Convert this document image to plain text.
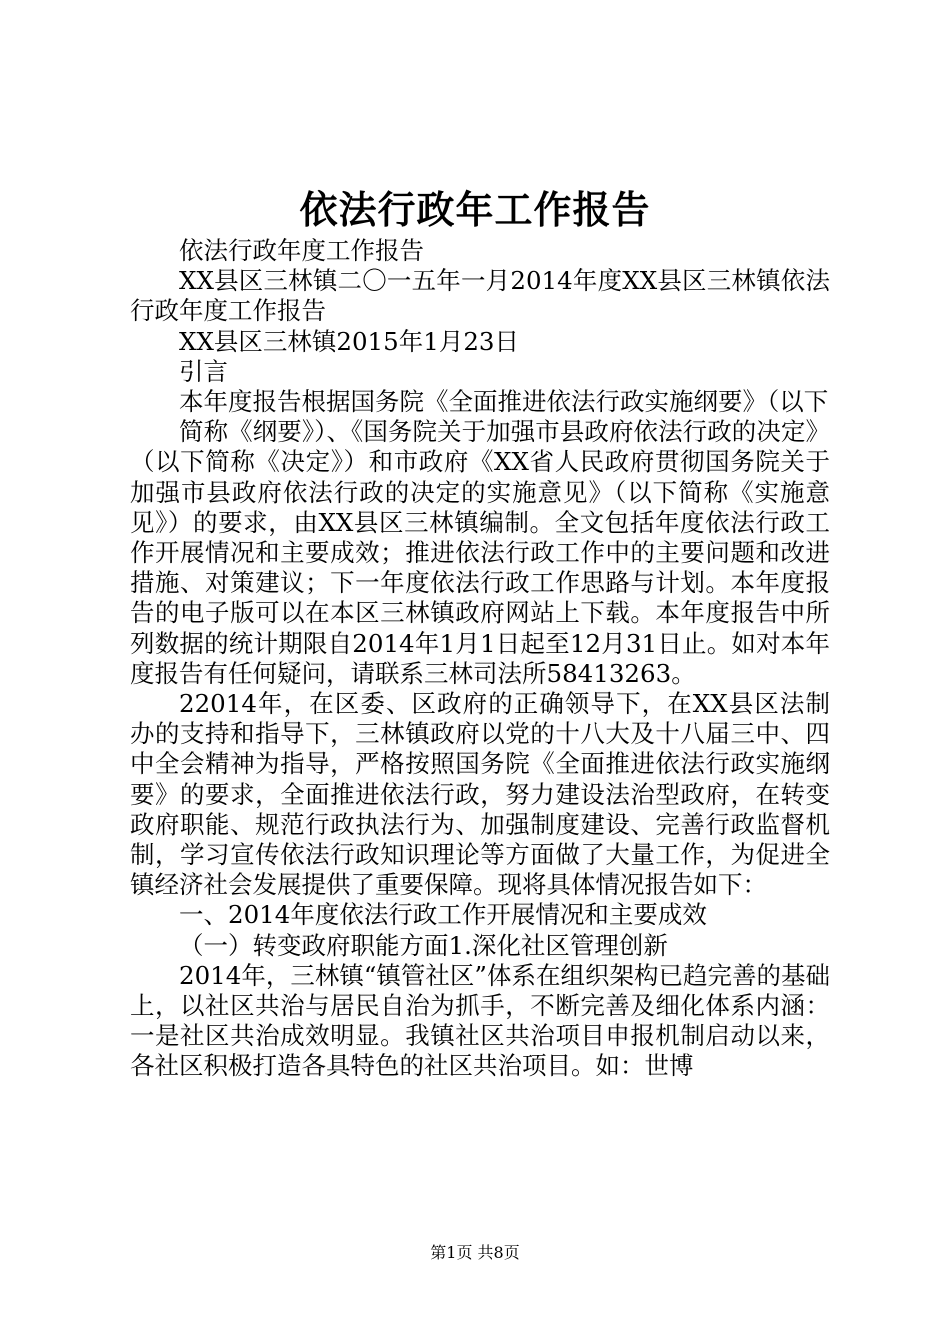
依法行政年工作报告

依法行政年度工作报告

XX县区三林镇二〇一五年一月2014年度XX县区三林镇依法行政年度工作报告

XX县区三林镇2015年1月23日

引言

本年度报告根据国务院《全面推进依法行政实施纲要》（以下

简称《纲要》）、《国务院关于加强市县政府依法行政的决定》（以下简称《决定》）和市政府《XX省人民政府贯彻国务院关于加强市县政府依法行政的决定的实施意见》（以下简称《实施意见》）的要求，由XX县区三林镇编制。全文包括年度依法行政工作开展情况和主要成效；推进依法行政工作中的主要问题和改进措施、对策建议；下一年度依法行政工作思路与计划。本年度报告的电子版可以在本区三林镇政府网站上下载。本年度报告中所列数据的统计期限自2014年1月1日起至12月31日止。如对本年度报告有任何疑问，请联系三林司法所58413263。

22014年，在区委、区政府的正确领导下，在XX县区法制办的支持和指导下，三林镇政府以党的十八大及十八届三中、四中全会精神为指导，严格按照国务院《全面推进依法行政实施纲要》的要求，全面推进依法行政，努力建设法治型政府，在转变政府职能、规范行政执法行为、加强制度建设、完善行政监督机制，学习宣传依法行政知识理论等方面做了大量工作，为促进全镇经济社会发展提供了重要保障。现将具体情况报告如下：

一、2014年度依法行政工作开展情况和主要成效

（一）转变政府职能方面1.深化社区管理创新

2014年，三林镇“镇管社区”体系在组织架构已趋完善的基础上，以社区共治与居民自治为抓手，不断完善及细化体系内涵：一是社区共治成效明显。我镇社区共治项目申报机制启动以来，各社区积极打造各具特色的社区共治项目。如：世博

第1页 共8页
